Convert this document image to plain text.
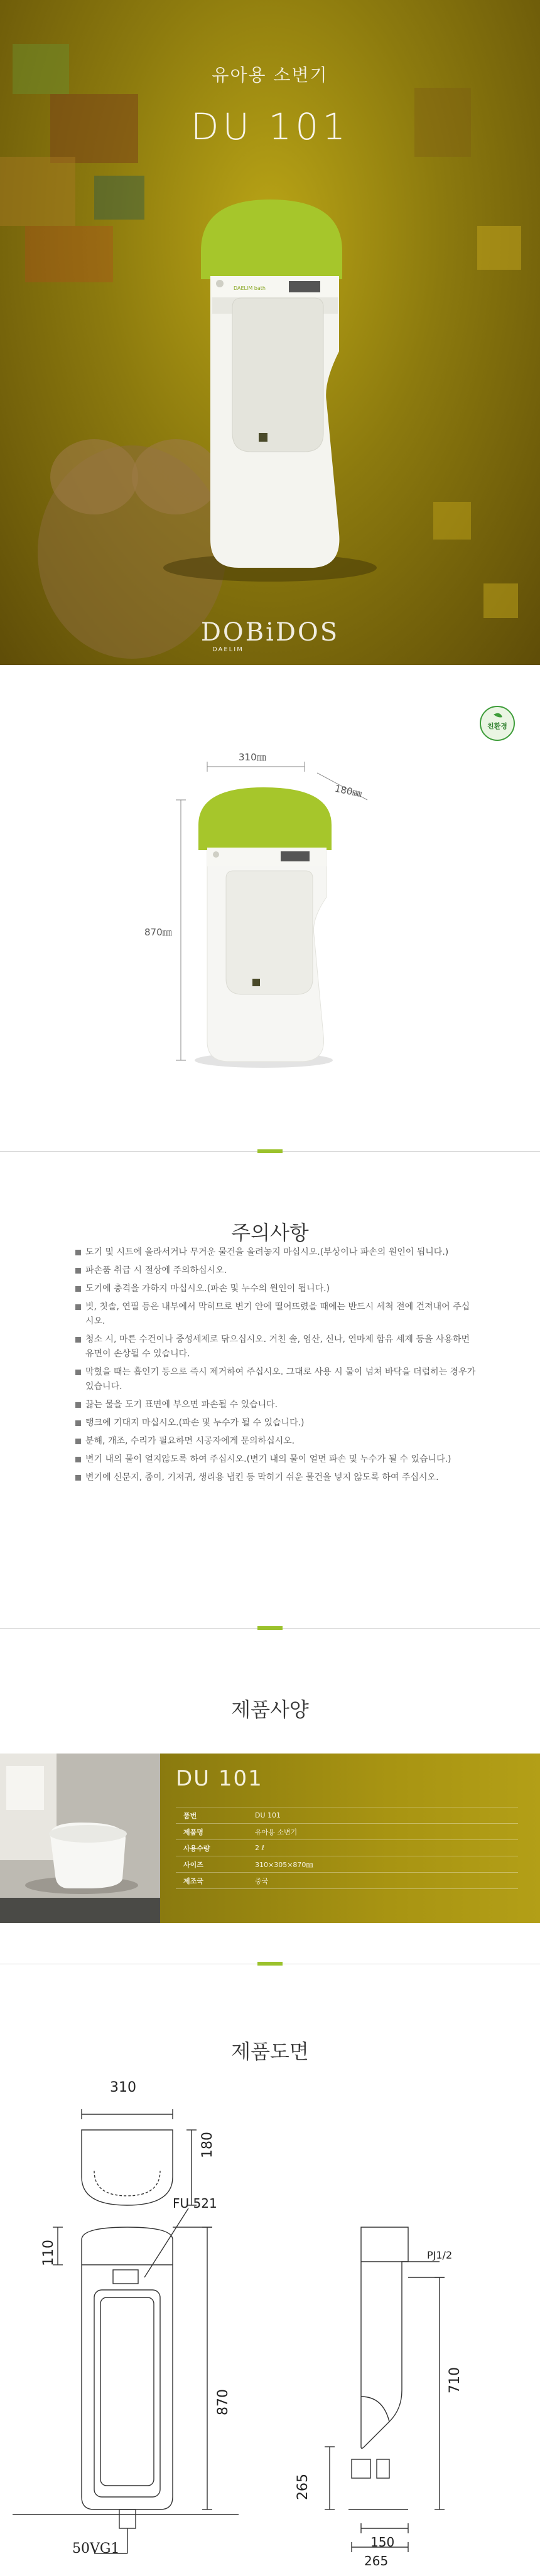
DAELIM bath
유아용 소변기
DU 101
DOBiDOS
DAELIM
친환경
310㎜
180㎜
870㎜
주의사항
도기 및 시트에 올라서거나 무거운 물건을 올려놓지 마십시오.(부상이나 파손의 원인이 됩니다.)
파손품 취급 시 절상에 주의하십시오.
도기에 충격을 가하지 마십시오.(파손 및 누수의 원인이 됩니다.)
빗, 칫솔, 연필 등은 내부에서 막히므로 변기 안에 떨어뜨렸을 때에는 반드시 세척 전에 건져내어 주십시오.
청소 시, 마른 수건이나 중성세제로 닦으십시오. 거친 솔, 염산, 신나, 연마제 함유 세제 등을 사용하면 유면이 손상될 수 있습니다.
막혔을 때는 흡인기 등으로 즉시 제거하여 주십시오. 그대로 사용 시 물이 넘쳐 바닥을 더럽히는 경우가 있습니다.
끓는 물을 도기 표면에 부으면 파손될 수 있습니다.
탱크에 기대지 마십시오.(파손 및 누수가 될 수 있습니다.)
분해, 개조, 수리가 필요하면 시공자에게 문의하십시오.
변기 내의 물이 얼지않도록 하여 주십시오.(변기 내의 물이 얼면 파손 및 누수가 될 수 있습니다.)
변기에 신문지, 종이, 기저귀, 생리용 냅킨 등 막히기 쉬운 물건을 넣지 않도록 하여 주십시오.
제품사양
DU 101
품번	DU 101
제품명	유아용 소변기
사용수량	2 ℓ
사이즈	310×305×870㎜
제조국	중국
제품도면
310
180
FU 521
110
870
50VG1
PJ1/2
710
265
150
265
